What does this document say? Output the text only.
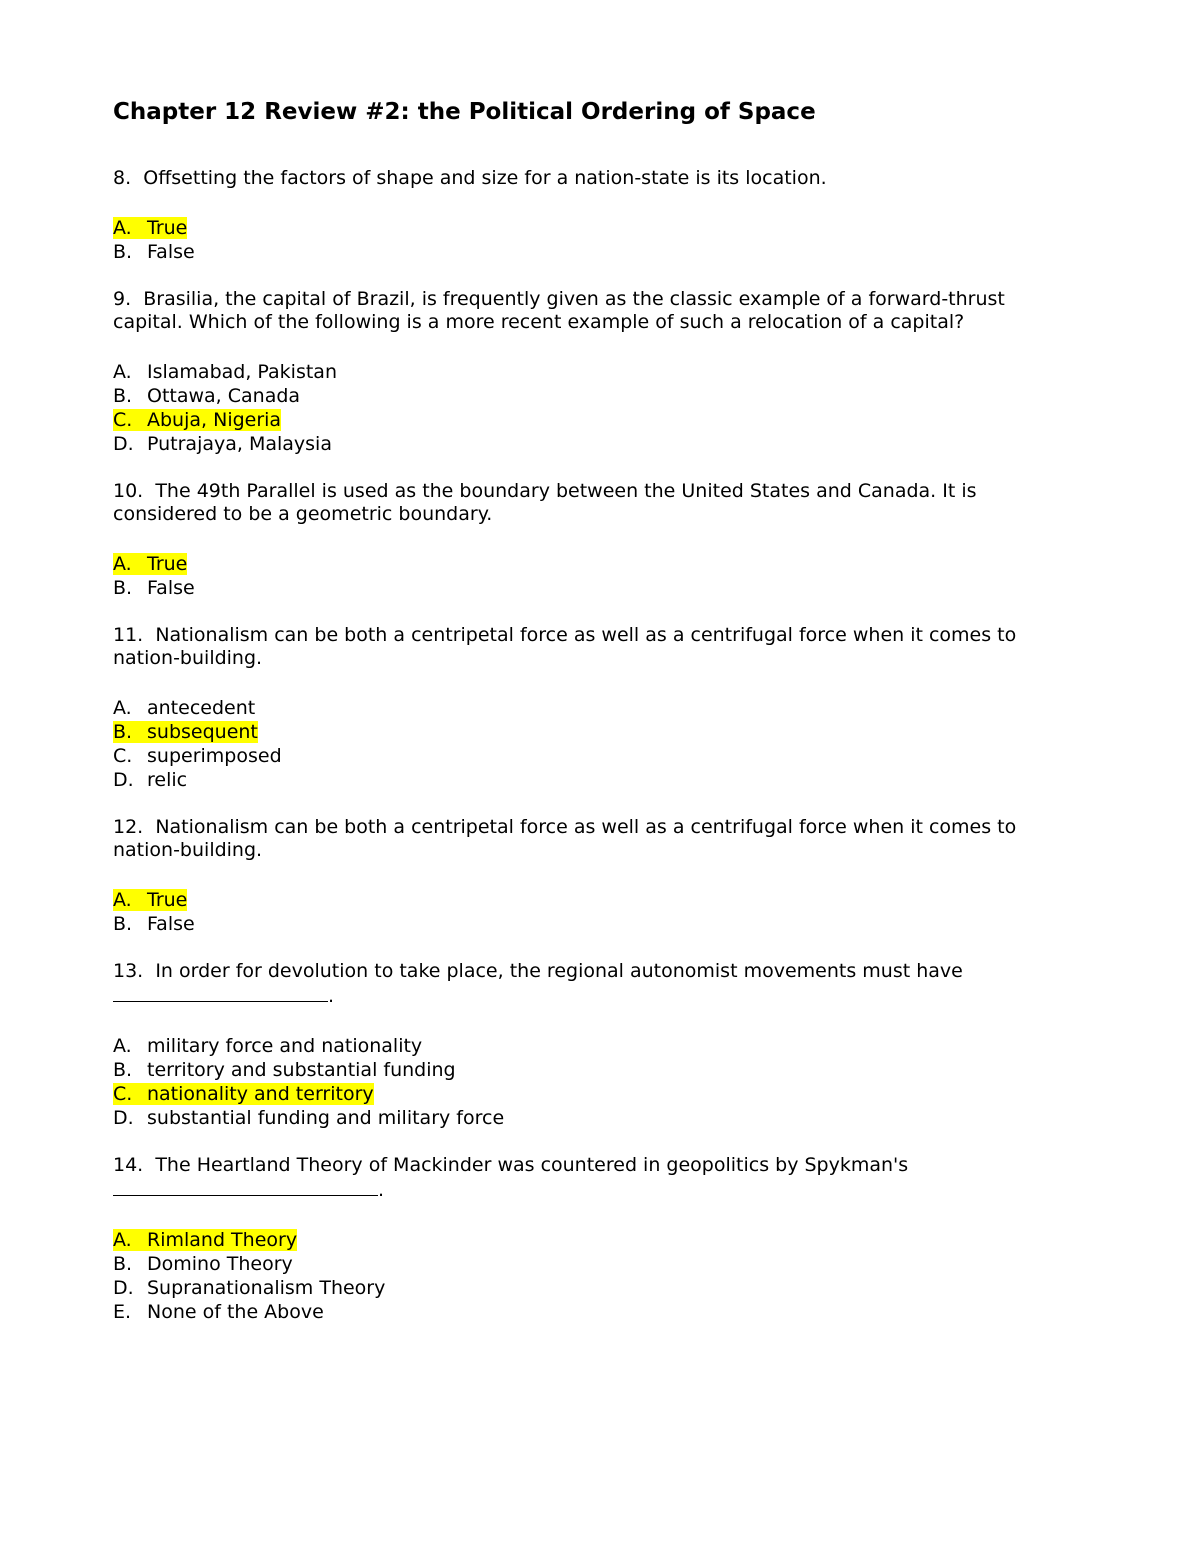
Chapter 12 Review #2: the Political Ordering of Space

8. Offsetting the factors of shape and size for a nation-state is its location.

A. True
B. False

9. Brasilia, the capital of Brazil, is frequently given as the classic example of a forward-thrust capital. Which of the following is a more recent example of such a relocation of a capital?

A. Islamabad, Pakistan
B. Ottawa, Canada
C. Abuja, Nigeria
D. Putrajaya, Malaysia

10. The 49th Parallel is used as the boundary between the United States and Canada. It is considered to be a geometric boundary.

A. True
B. False

11. Nationalism can be both a centripetal force as well as a centrifugal force when it comes to nation-building.

A. antecedent
B. subsequent
C. superimposed
D. relic

12. Nationalism can be both a centripetal force as well as a centrifugal force when it comes to nation-building.

A. True
B. False

13. In order for devolution to take place, the regional autonomist movements must have
.

A. military force and nationality
B. territory and substantial funding
C. nationality and territory
D. substantial funding and military force

14. The Heartland Theory of Mackinder was countered in geopolitics by Spykman's
.

A. Rimland Theory
B. Domino Theory
D. Supranationalism Theory
E. None of the Above
